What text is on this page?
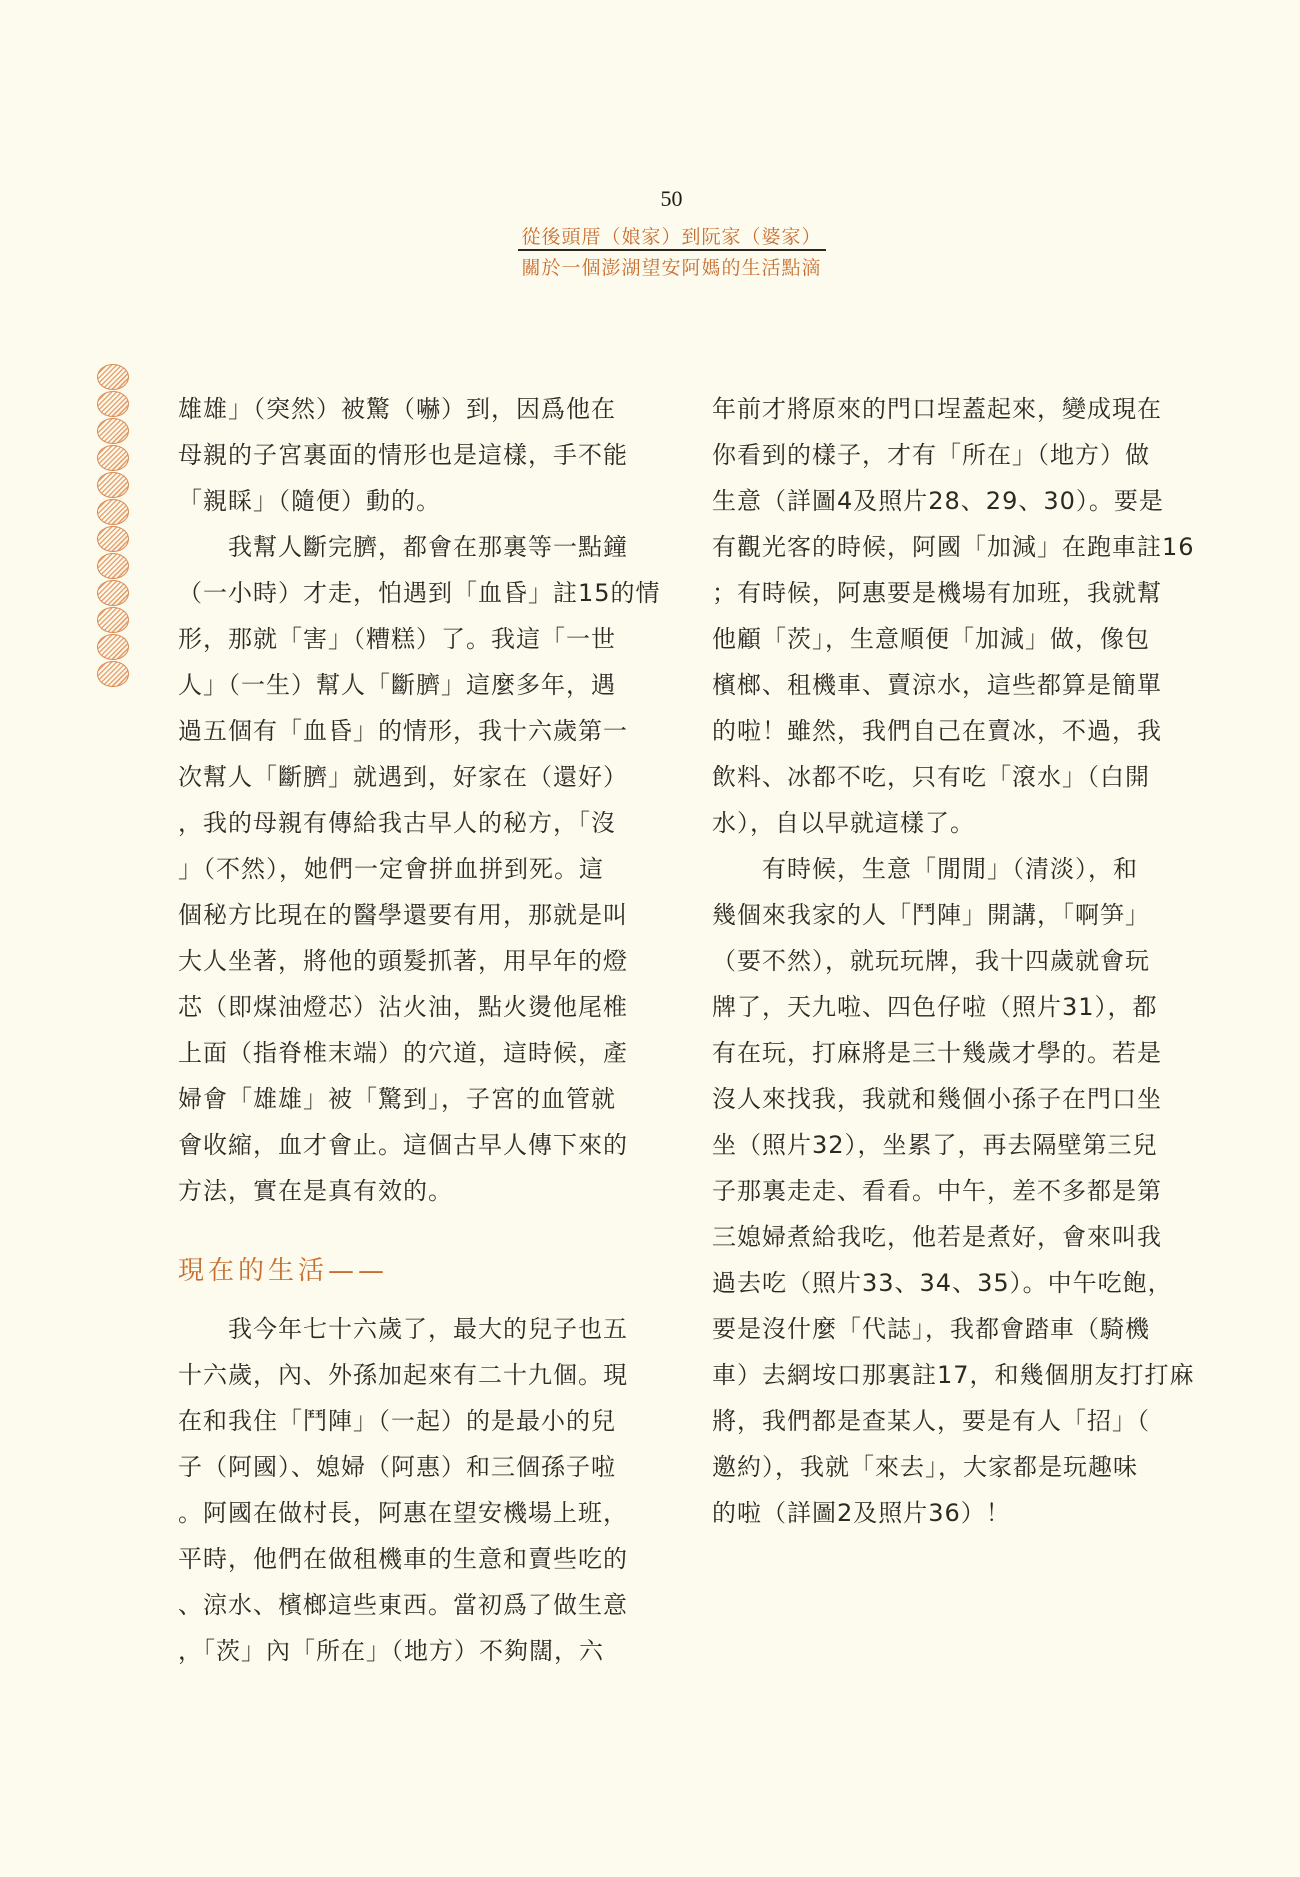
50
從後頭厝（娘家）到阮家（婆家）
關於一個澎湖望安阿媽的生活點滴

雄雄」（突然）被驚（嚇）到，因爲他在

母親的子宮裏面的情形也是這樣，手不能

「親睬」（隨便）動的。

　　我幫人斷完臍，都會在那裏等一點鐘

（一小時）才走，怕遇到「血昏」註15的情

形，那就「害」（糟糕）了。我這「一世

人」（一生）幫人「斷臍」這麼多年，遇

過五個有「血昏」的情形，我十六歲第一

次幫人「斷臍」就遇到，好家在（還好）

，我的母親有傳給我古早人的秘方，「沒

」（不然），她們一定會拼血拼到死。這

個秘方比現在的醫學還要有用，那就是叫

大人坐著，將他的頭髮抓著，用早年的燈

芯（即煤油燈芯）沾火油，點火燙他尾椎

上面（指脊椎末端）的穴道，這時候，產

婦會「雄雄」被「驚到」，子宮的血管就

會收縮，血才會止。這個古早人傳下來的

方法，實在是真有效的。

現在的生活——

　　我今年七十六歲了，最大的兒子也五

十六歲，內、外孫加起來有二十九個。現

在和我住「鬥陣」（一起）的是最小的兒

子（阿國）、媳婦（阿惠）和三個孫子啦

。阿國在做村長，阿惠在望安機場上班，

平時，他們在做租機車的生意和賣些吃的

、涼水、檳榔這些東西。當初爲了做生意

，「茨」內「所在」（地方）不夠闊，六

年前才將原來的門口埕蓋起來，變成現在

你看到的樣子，才有「所在」（地方）做

生意（詳圖4及照片28、29、30）。要是

有觀光客的時候，阿國「加減」在跑車註16

；有時候，阿惠要是機場有加班，我就幫

他顧「茨」，生意順便「加減」做，像包

檳榔、租機車、賣涼水，這些都算是簡單

的啦！雖然，我們自己在賣冰，不過，我

飲料、冰都不吃，只有吃「滾水」（白開

水），自以早就這樣了。

　　有時候，生意「閒閒」（清淡），和

幾個來我家的人「鬥陣」開講，「啊笋」

（要不然），就玩玩牌，我十四歲就會玩

牌了，天九啦、四色仔啦（照片31），都

有在玩，打麻將是三十幾歲才學的。若是

沒人來找我，我就和幾個小孫子在門口坐

坐（照片32），坐累了，再去隔壁第三兒

子那裏走走、看看。中午，差不多都是第

三媳婦煮給我吃，他若是煮好，會來叫我

過去吃（照片33、34、35）。中午吃飽，

要是沒什麼「代誌」，我都會踏車（騎機

車）去網垵口那裏註17，和幾個朋友打打麻

將，我們都是查某人，要是有人「招」（

邀約），我就「來去」，大家都是玩趣味

的啦（詳圖2及照片36）！
